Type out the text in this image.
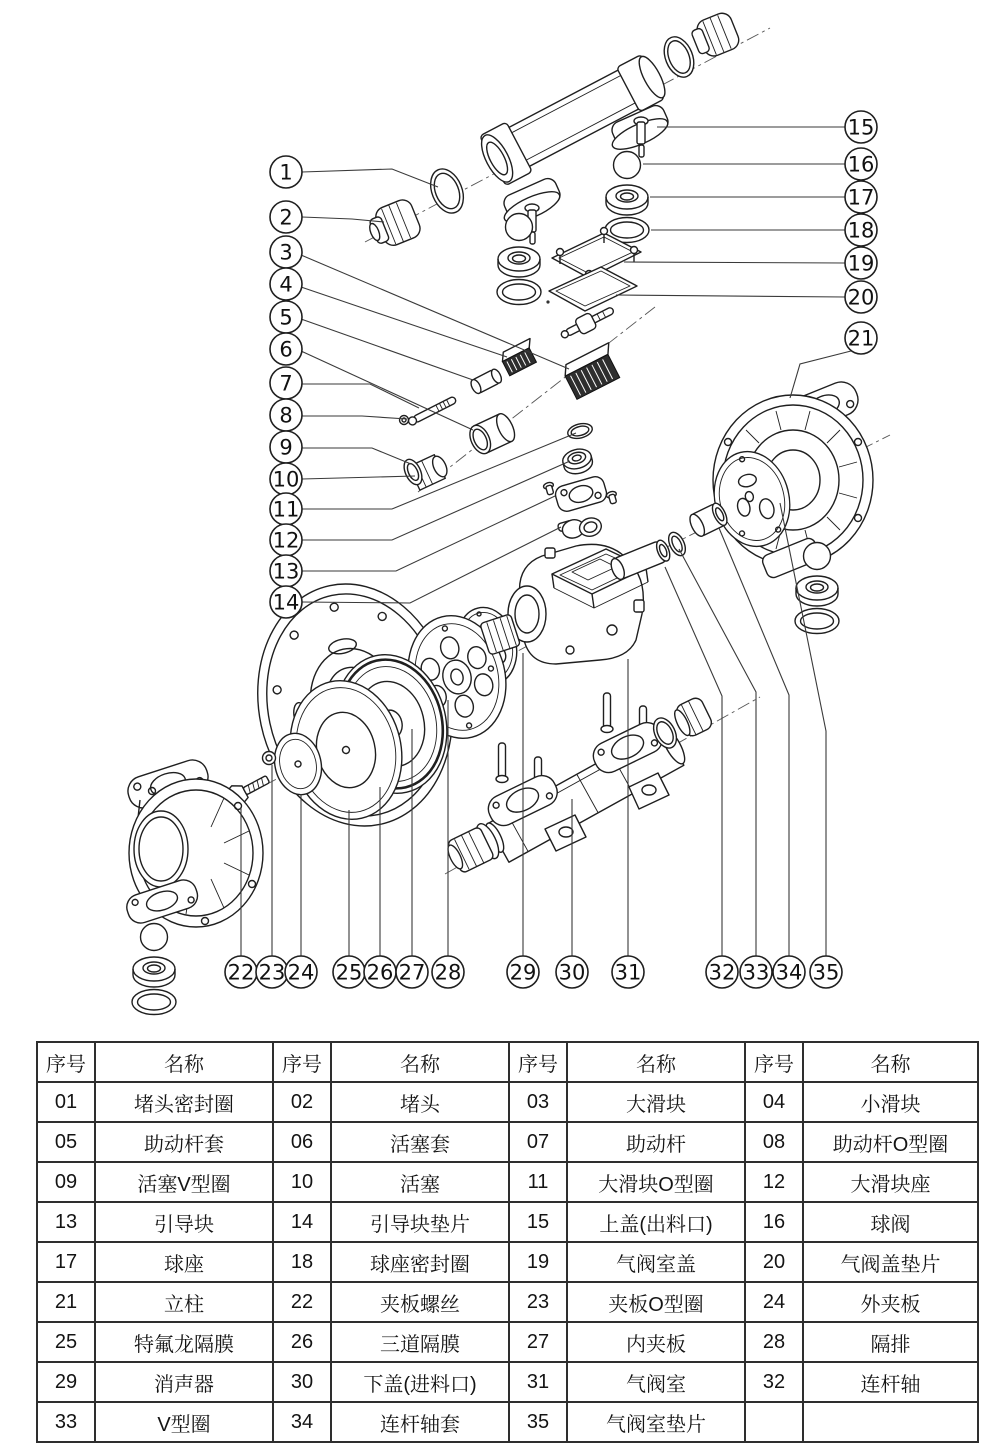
1
2
3
4
5
6
7
8
9
10
11
12
13
14
15
16
17
18
19
20
21
22 23 24 25 26 27 28 29 30 31	32 33 34 35
序号	名称	序号	名称	序号	名称	序号	名称
01	堵头密封圈	02	堵头	03	大滑块	04	小滑块
05	助动杆套	06	活塞套	07	助动杆	08	助动杆O型圈
09	活塞V型圈	10	活塞	11	大滑块O型圈	12	大滑块座
13	引导块	14	引导块垫片	15	上盖(出料口)	16	球阀
17	球座	18	球座密封圈	19	气阀室盖	20	气阀盖垫片
21	立柱	22	夹板螺丝	23	夹板O型圈	24	外夹板
25	特氟龙隔膜	26	三道隔膜	27	内夹板	28	隔排
29	消声器	30	下盖(进料口)	31	气阀室	32	连杆轴
33	V型圈	34	连杆轴套	35	气阀室垫片		
